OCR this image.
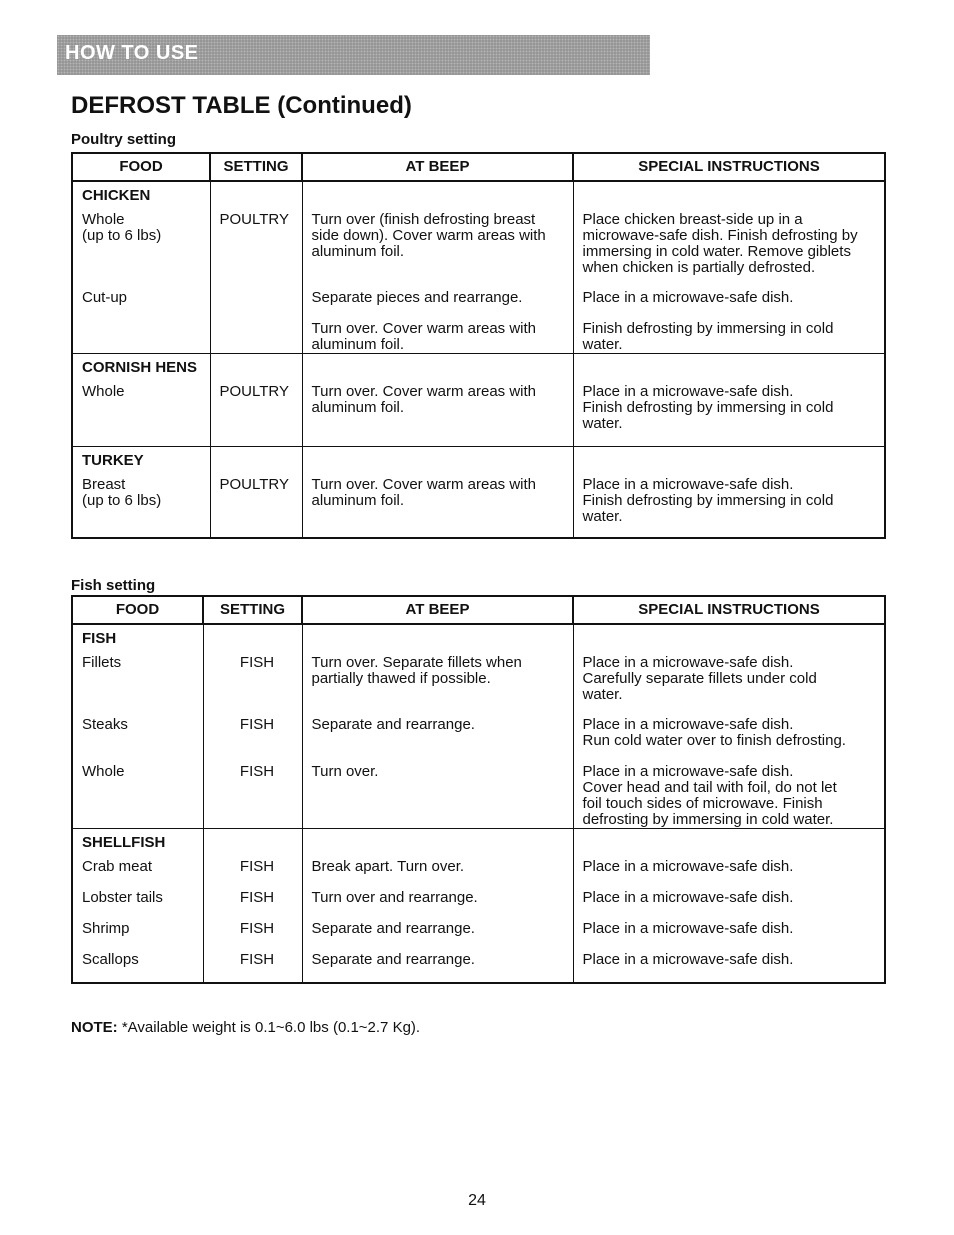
HOW TO USE
DEFROST TABLE (Continued)
Poultry setting
FOOD	SETTING	AT BEEP	SPECIAL INSTRUCTIONS

CHICKEN			

Whole
(up to 6 lbs)	POULTRY	Turn over (finish defrosting breast
side down). Cover warm areas with
aluminum foil.	Place chicken breast-side up in a
microwave-safe dish. Finish defrosting by
immersing in cold water. Remove giblets
when chicken is partially defrosted.

Cut-up		Separate pieces and rearrange.	Place in a microwave-safe dish.

		Turn over. Cover warm areas with
aluminum foil.	Finish defrosting by immersing in cold
water.

CORNISH HENS			

Whole	POULTRY	Turn over. Cover warm areas with
aluminum foil.	Place in a microwave-safe dish.
Finish defrosting by immersing in cold
water.

TURKEY			

Breast
(up to 6 lbs)	POULTRY	Turn over. Cover warm areas with
aluminum foil.	Place in a microwave-safe dish.
Finish defrosting by immersing in cold
water.
Fish setting
FOOD	SETTING	AT BEEP	SPECIAL INSTRUCTIONS

FISH			

Fillets	FISH	Turn over. Separate fillets when
partially thawed if possible.	Place in a microwave-safe dish.
Carefully separate fillets under cold
water.

Steaks	FISH	Separate and rearrange.	Place in a microwave-safe dish.
Run cold water over to finish defrosting.

Whole	FISH	Turn over.	Place in a microwave-safe dish.
Cover head and tail with foil, do not let
foil touch sides of microwave. Finish
defrosting by immersing in cold water.

SHELLFISH			

Crab meat	FISH	Break apart. Turn over.	Place in a microwave-safe dish.

Lobster tails	FISH	Turn over and rearrange.	Place in a microwave-safe dish.

Shrimp	FISH	Separate and rearrange.	Place in a microwave-safe dish.

Scallops	FISH	Separate and rearrange.	Place in a microwave-safe dish.
NOTE: *Available weight is 0.1~6.0 lbs (0.1~2.7 Kg).
24
